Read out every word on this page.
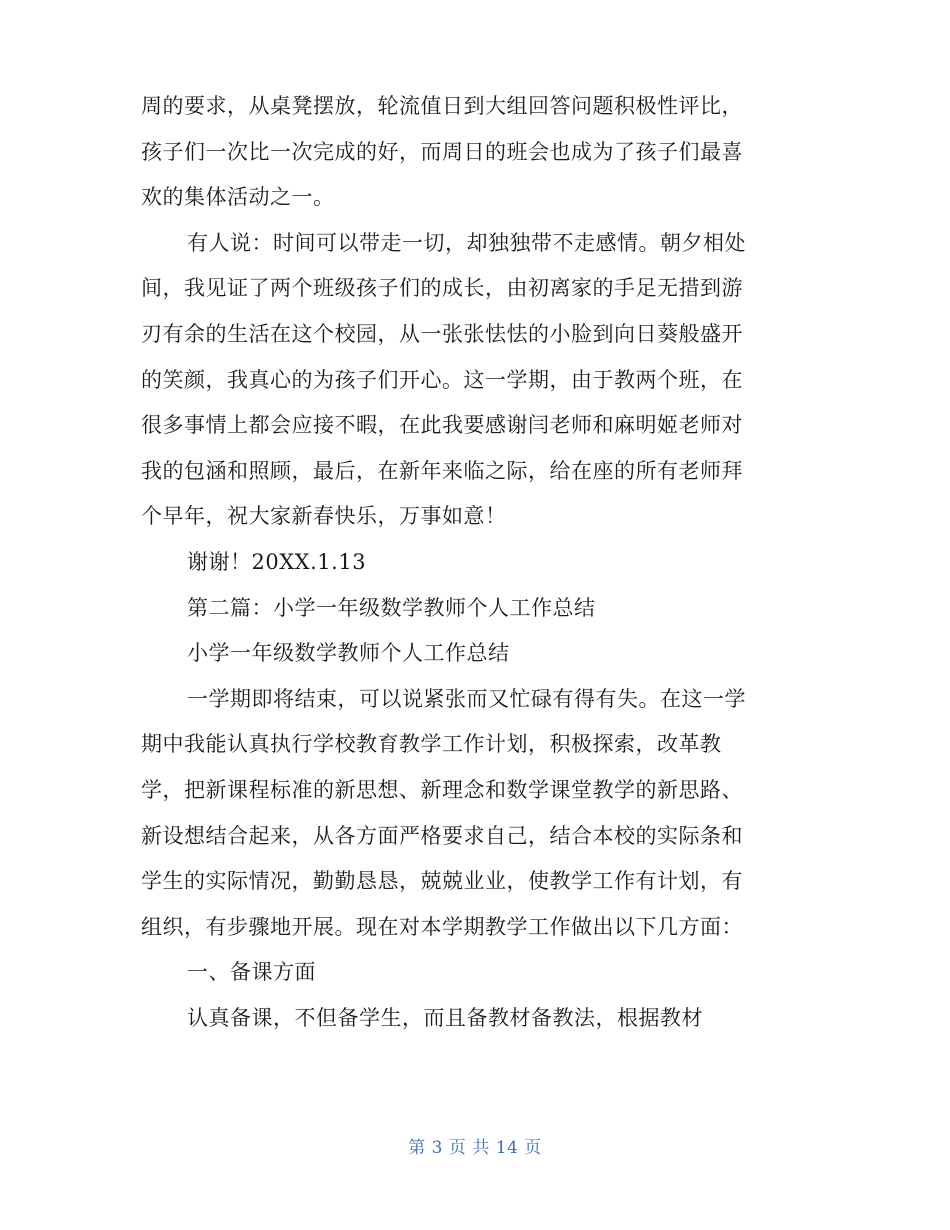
周的要求，从桌凳摆放，轮流值日到大组回答问题积极性评比，
孩子们一次比一次完成的好，而周日的班会也成为了孩子们最喜
欢的集体活动之一。
有人说：时间可以带走一切，却独独带不走感情。朝夕相处
间，我见证了两个班级孩子们的成长，由初离家的手足无措到游
刃有余的生活在这个校园，从一张张怯怯的小脸到向日葵般盛开
的笑颜，我真心的为孩子们开心。这一学期，由于教两个班，在
很多事情上都会应接不暇，在此我要感谢闫老师和麻明姬老师对
我的包涵和照顾，最后，在新年来临之际，给在座的所有老师拜
个早年，祝大家新春快乐，万事如意！
谢谢！20XX.1.13
第二篇：小学一年级数学教师个人工作总结
小学一年级数学教师个人工作总结
一学期即将结束，可以说紧张而又忙碌有得有失。在这一学
期中我能认真执行学校教育教学工作计划，积极探索，改革教
学，把新课程标准的新思想、新理念和数学课堂教学的新思路、
新设想结合起来，从各方面严格要求自己，结合本校的实际条和
学生的实际情况，勤勤恳恳，兢兢业业，使教学工作有计划，有
组织，有步骤地开展。现在对本学期教学工作做出以下几方面：
一、备课方面
认真备课，不但备学生，而且备教材备教法，根据教材
第 3 页 共 14 页
